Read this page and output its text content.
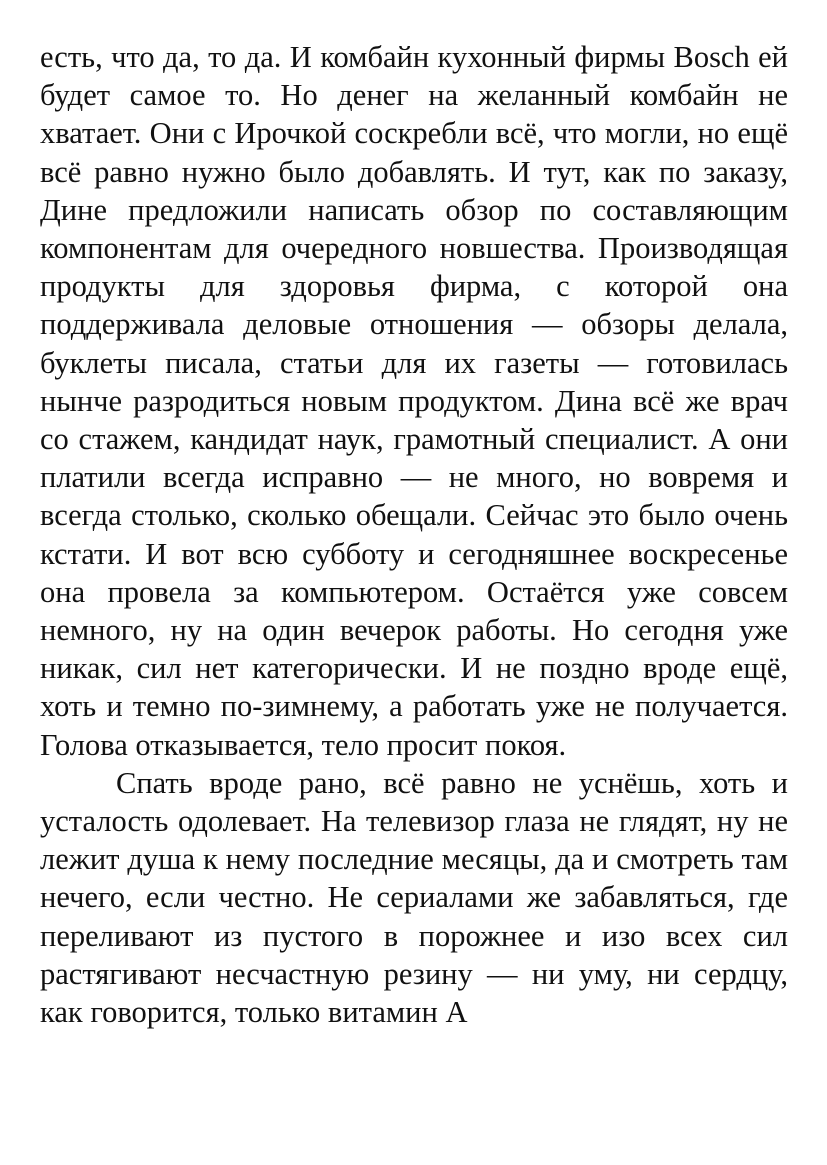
есть, что да, то да. И комбайн кухонный фирмы Bosch ей будет самое то. Но денег на желанный комбайн не хватает. Они с Ирочкой соскребли всё, что могли, но ещё всё равно нужно было добавлять. И тут, как по заказу, Дине предложили написать обзор по составляющим компонентам для очередного новшества. Производящая продукты для здоровья фирма, с которой она поддерживала деловые отношения — обзоры делала, буклеты писала, статьи для их газеты — готовилась нынче разродиться новым продуктом. Дина всё же врач со стажем, кандидат наук, грамотный специалист. А они платили всегда исправно — не много, но вовремя и всегда столько, сколько обещали. Сейчас это было очень кстати. И вот всю субботу и сегодняшнее воскресенье она провела за компьютером. Остаётся уже совсем немного, ну на один вечерок работы. Но сегодня уже никак, сил нет категорически. И не поздно вроде ещё, хоть и темно по-зимнему, а работать уже не получается. Голова отказывается, тело просит покоя.

Спать вроде рано, всё равно не уснёшь, хоть и усталость одолевает. На телевизор глаза не глядят, ну не лежит душа к нему последние месяцы, да и смотреть там нечего, если честно. Не сериалами же забавляться, где переливают из пустого в порожнее и изо всех сил растягивают несчастную резину — ни уму, ни сердцу, как говорится, только витамин А
